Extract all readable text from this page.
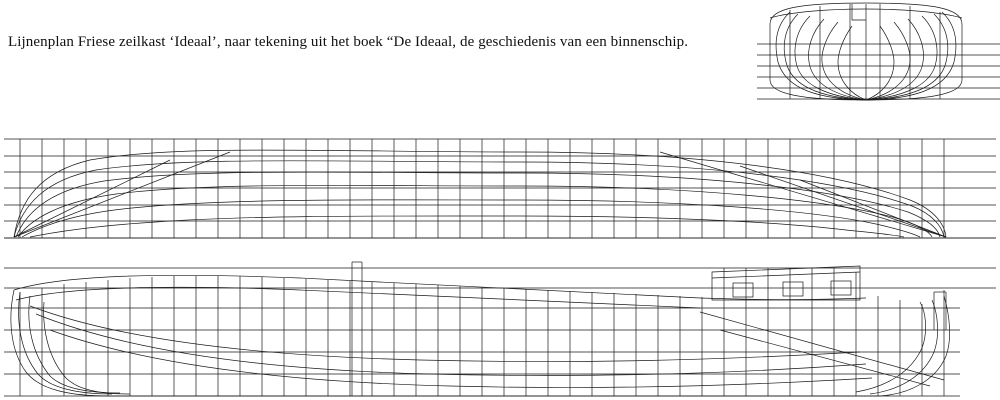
Lijnenplan Friese zeilkast ‘Ideaal’, naar tekening uit het boek “De Ideaal, de geschiedenis van een binnenschip.
